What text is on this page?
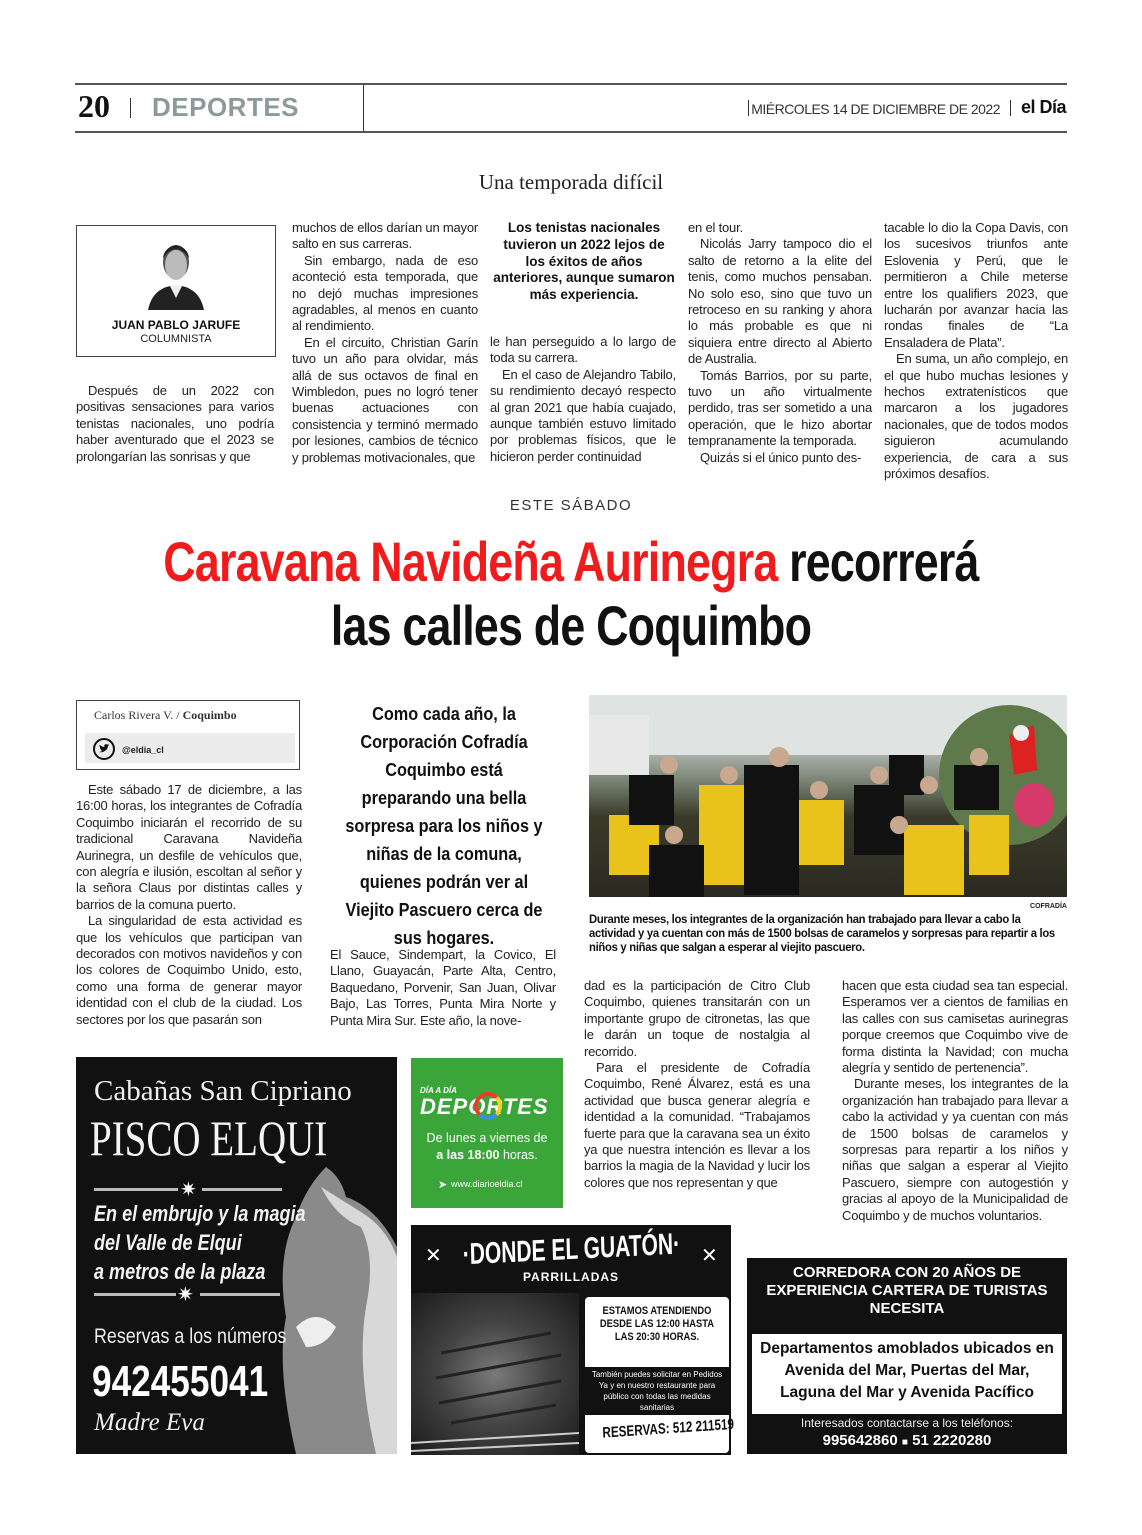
20 DEPORTES	MIÉRCOLES 14 DE DICIEMBRE DE 2022 el Día
Una temporada difícil
JUAN PABLO JARUFE
COLUMNISTA

Después de un 2022 con positivas sensaciones para varios tenistas nacionales, uno podría haber aventurado que el 2023 se prolongarían las sonrisas y que

muchos de ellos darían un mayor salto en sus carreras.

Sin embargo, nada de eso aconteció esta temporada, que no dejó muchas impresiones agradables, al menos en cuanto al rendimiento.

En el circuito, Christian Garín tuvo un año para olvidar, más allá de sus octavos de final en Wimbledon, pues no logró tener buenas actuaciones con consistencia y terminó mermado por lesiones, cambios de técnico y problemas motivacionales, que

Los tenistas nacionales tuvieron un 2022 lejos de los éxitos de años anteriores, aunque sumaron más experiencia.

le han perseguido a lo largo de toda su carrera.

En el caso de Alejandro Tabilo, su rendimiento decayó respecto al gran 2021 que había cuajado, aunque también estuvo limitado por problemas físicos, que le hicieron perder continuidad

en el tour.

Nicolás Jarry tampoco dio el salto de retorno a la elite del tenis, como muchos pensaban. No solo eso, sino que tuvo un retroceso en su ranking y ahora lo más probable es que ni siquiera entre directo al Abierto de Australia.

Tomás Barrios, por su parte, tuvo un año virtualmente perdido, tras ser sometido a una operación, que le hizo abortar tempranamente la temporada.

Quizás si el único punto des-

tacable lo dio la Copa Davis, con los sucesivos triunfos ante Eslovenia y Perú, que le permitieron a Chile meterse entre los qualifiers 2023, que lucharán por avanzar hacia las rondas finales de “La Ensaladera de Plata”.

En suma, un año complejo, en el que hubo muchas lesiones y hechos extratenísticos que marcaron a los jugadores nacionales, que de todos modos siguieron acumulando experiencia, de cara a sus próximos desafíos.

ESTE SÁBADO
Caravana Navideña Aurinegra recorrerá
las calles de Coquimbo
Carlos Rivera V. / Coquimbo
@eldia_cl

Este sábado 17 de diciembre, a las 16:00 horas, los integrantes de Cofradía Coquimbo iniciarán el recorrido de su tradicional Caravana Navideña Aurinegra, un desfile de vehículos que, con alegría e ilusión, escoltan al señor y la señora Claus por distintas calles y barrios de la comuna puerto.

La singularidad de esta actividad es que los vehículos que participan van decorados con motivos navideños y con los colores de Coquimbo Unido, esto, como una forma de generar mayor identidad con el club de la ciudad. Los sectores por los que pasarán son

Como cada año, la Corporación Cofradía Coquimbo está preparando una bella sorpresa para los niños y niñas de la comuna, quienes podrán ver al Viejito Pascuero cerca de sus hogares.

El Sauce, Sindempart, la Covico, El Llano, Guayacán, Parte Alta, Centro, Baquedano, Porvenir, San Juan, Olivar Bajo, Las Torres, Punta Mira Norte y Punta Mira Sur. Este año, la nove-

COFRADÍA
Durante meses, los integrantes de la organización han trabajado para llevar a cabo la actividad y ya cuentan con más de 1500 bolsas de caramelos y sorpresas para repartir a los niños y niñas que salgan a esperar al viejito pascuero.

dad es la participación de Citro Club Coquimbo, quienes transitarán con un importante grupo de citronetas, las que le darán un toque de nostalgia al recorrido.

Para el presidente de Cofradía Coquimbo, René Álvarez, está es una actividad que busca generar alegría e identidad a la comunidad. “Trabajamos fuerte para que la caravana sea un éxito ya que nuestra intención es llevar a los barrios la magia de la Navidad y lucir los colores que nos representan y que

hacen que esta ciudad sea tan especial. Esperamos ver a cientos de familias en las calles con sus camisetas aurinegras porque creemos que Coquimbo vive de forma distinta la Navidad; con mucha alegría y sentido de pertenencia”.

Durante meses, los integrantes de la organización han trabajado para llevar a cabo la actividad y ya cuentan con más de 1500 bolsas de caramelos y sorpresas para repartir a los niños y niñas que salgan a esperar al Viejito Pascuero, siempre con autogestión y gracias al apoyo de la Municipalidad de Coquimbo y de muchos voluntarios.

Cabañas San Cipriano
PISCO ELQUI
✷
En el embrujo y la magia
del Valle de Elqui
a metros de la plaza
✷
Reservas a los números
942455041
Madre Eva
DÍA A DÍA
DEPORTES
De lunes a viernes de
a las 18:00 horas.
➤ www.diarioeldia.cl
✕	✕
·DONDE EL GUATÓN·
PARRILLADAS
ESTAMOS ATENDIENDO DESDE LAS 12:00 HASTA LAS 20:30 HORAS.
También puedes solicitar en Pedidos Ya y en nuestro restaurante para público con todas las medidas sanitarias
RESERVAS: 512 211519
CORREDORA CON 20 AÑOS DE EXPERIENCIA CARTERA DE TURISTAS NECESITA
Departamentos amoblados ubicados en Avenida del Mar, Puertas del Mar, Laguna del Mar y Avenida Pacífico
Interesados contactarse a los teléfonos:
995642860 ■ 51 2220280
